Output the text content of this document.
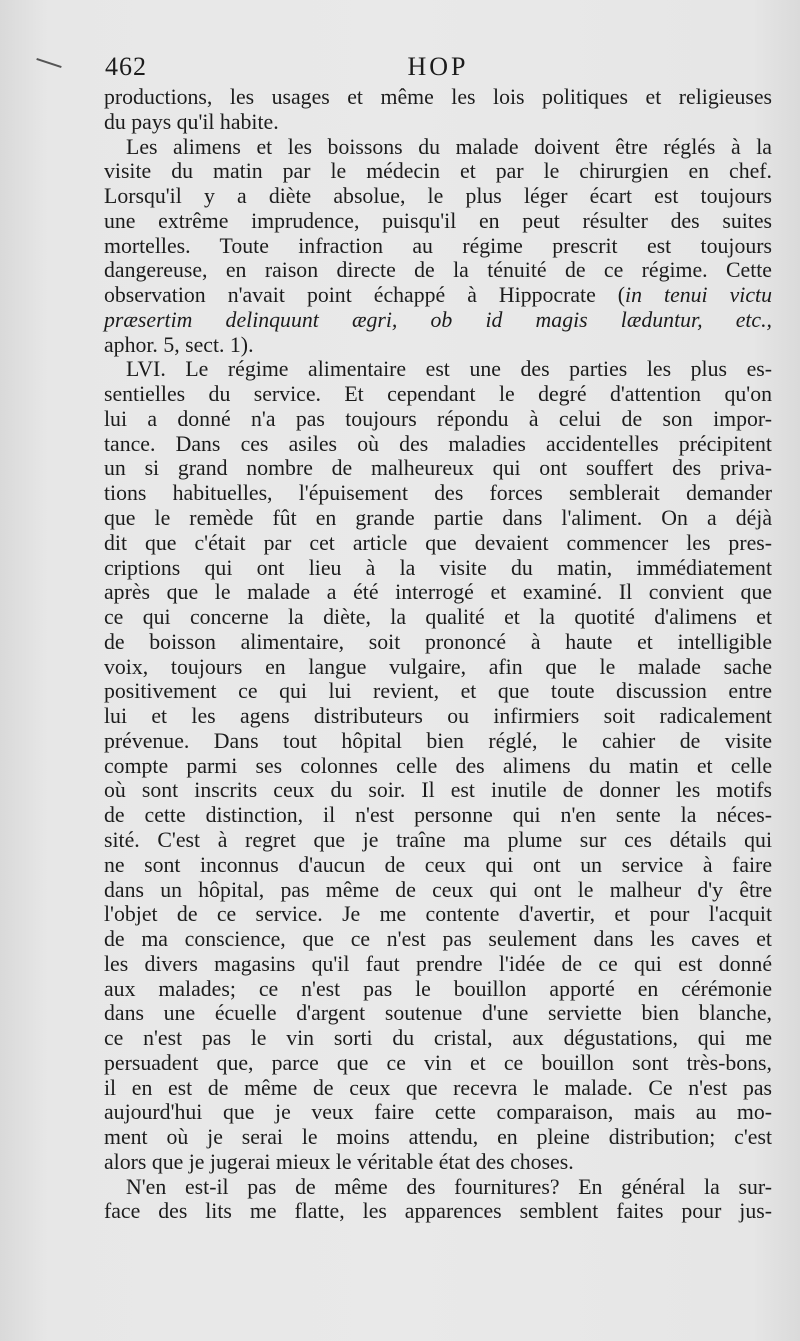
462	HOP
productions, les usages et même les lois politiques et religieuses
du pays qu'il habite.
Les alimens et les boissons du malade doivent être réglés à la
visite du matin par le médecin et par le chirurgien en chef.
Lorsqu'il y a diète absolue, le plus léger écart est toujours
une extrême imprudence, puisqu'il en peut résulter des suites
mortelles. Toute infraction au régime prescrit est toujours
dangereuse, en raison directe de la ténuité de ce régime. Cette
observation n'avait point échappé à Hippocrate (in tenui victu
præsertim delinquunt ægri, ob id magis læduntur, etc.,
aphor. 5, sect. 1).
LVI. Le régime alimentaire est une des parties les plus es-
sentielles du service. Et cependant le degré d'attention qu'on
lui a donné n'a pas toujours répondu à celui de son impor-
tance. Dans ces asiles où des maladies accidentelles précipitent
un si grand nombre de malheureux qui ont souffert des priva-
tions habituelles, l'épuisement des forces semblerait demander
que le remède fût en grande partie dans l'aliment. On a déjà
dit que c'était par cet article que devaient commencer les pres-
criptions qui ont lieu à la visite du matin, immédiatement
après que le malade a été interrogé et examiné. Il convient que
ce qui concerne la diète, la qualité et la quotité d'alimens et
de boisson alimentaire, soit prononcé à haute et intelligible
voix, toujours en langue vulgaire, afin que le malade sache
positivement ce qui lui revient, et que toute discussion entre
lui et les agens distributeurs ou infirmiers soit radicalement
prévenue. Dans tout hôpital bien réglé, le cahier de visite
compte parmi ses colonnes celle des alimens du matin et celle
où sont inscrits ceux du soir. Il est inutile de donner les motifs
de cette distinction, il n'est personne qui n'en sente la néces-
sité. C'est à regret que je traîne ma plume sur ces détails qui
ne sont inconnus d'aucun de ceux qui ont un service à faire
dans un hôpital, pas même de ceux qui ont le malheur d'y être
l'objet de ce service. Je me contente d'avertir, et pour l'acquit
de ma conscience, que ce n'est pas seulement dans les caves et
les divers magasins qu'il faut prendre l'idée de ce qui est donné
aux malades; ce n'est pas le bouillon apporté en cérémonie
dans une écuelle d'argent soutenue d'une serviette bien blanche,
ce n'est pas le vin sorti du cristal, aux dégustations, qui me
persuadent que, parce que ce vin et ce bouillon sont très-bons,
il en est de même de ceux que recevra le malade. Ce n'est pas
aujourd'hui que je veux faire cette comparaison, mais au mo-
ment où je serai le moins attendu, en pleine distribution; c'est
alors que je jugerai mieux le véritable état des choses.
N'en est-il pas de même des fournitures? En général la sur-
face des lits me flatte, les apparences semblent faites pour jus-
